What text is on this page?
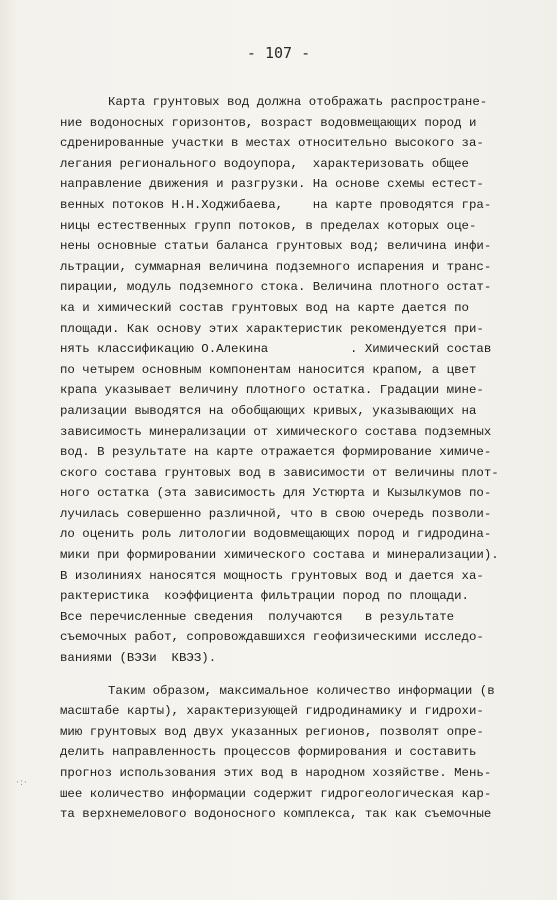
- 107 -
Карта грунтовых вод должна отображать распростране-
ние водоносных горизонтов, возраст водовмещающих пород и
сдренированные участки в местах относительно высокого за-
легания регионального водоупора,  характеризовать общее
направление движения и разгрузки. На основе схемы естест-
венных потоков Н.Н.Ходжибаева,    на карте проводятся гра-
ницы естественных групп потоков, в пределах которых оце-
нены основные статьи баланса грунтовых вод; величина инфи-
льтрации, суммарная величина подземного испарения и транс-
пирации, модуль подземного стока. Величина плотного остат-
ка и химический состав грунтовых вод на карте дается по
площади. Как основу этих характеристик рекомендуется при-
нять классификацию О.Алекина           . Химический состав
по четырем основным компонентам наносится крапом, а цвет
крапа указывает величину плотного остатка. Градации мине-
рализации выводятся на обобщающих кривых, указывающих на
зависимость минерализации от химического состава подземных
вод. В результате на карте отражается формирование химиче-
ского состава грунтовых вод в зависимости от величины плот-
ного остатка (эта зависимость для Устюрта и Кызылкумов по-
лучилась совершенно различной, что в свою очередь позволи-
ло оценить роль литологии водовмещающих пород и гидродина-
мики при формировании химического состава и минерализации).
В изолиниях наносятся мощность грунтовых вод и дается ха-
рактеристика  коэффициента фильтрации пород по площади.
Все перечисленные сведения  получаются   в результате
съемочных работ, сопровождавшихся геофизическими исследо-
ваниями (ВЭЗи  КВЭЗ).
Таким образом, максимальное количество информации (в
масштабе карты), характеризующей гидродинамику и гидрохи-
мию грунтовых вод двух указанных регионов, позволят опре-
делить направленность процессов формирования и составить
прогноз использования этих вод в народном хозяйстве. Мень-
шее количество информации содержит гидрогеологическая кар-
та верхнемелового водоносного комплекса, так как съемочные
·:·
